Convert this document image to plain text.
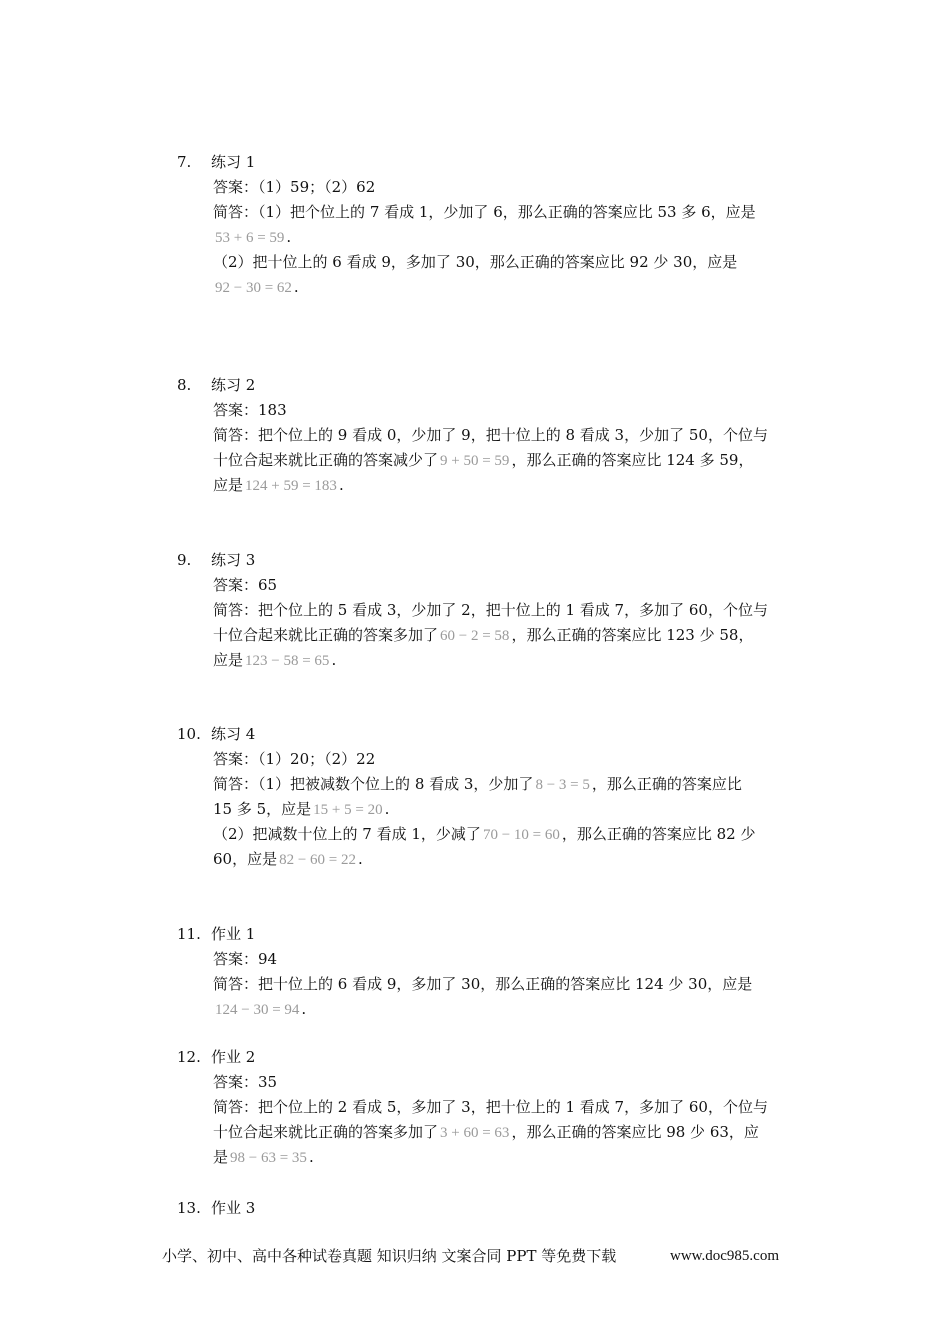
7.	练习 1
答案：（1）59；（2）62
简答：（1）把个位上的 7 看成 1，少加了 6，那么正确的答案应比 53 多 6，应是
53 + 6 = 59 .
（2）把十位上的 6 看成 9，多加了 30，那么正确的答案应比 92 少 30，应是
92 − 30 = 62 .
8.	练习 2
答案：183
简答：把个位上的 9 看成 0，少加了 9，把十位上的 8 看成 3，少加了 50，个位与
十位合起来就比正确的答案减少了 9 + 50 = 59 ，那么正确的答案应比 124 多 59，
应是 124 + 59 = 183 .
9.	练习 3
答案：65
简答：把个位上的 5 看成 3，少加了 2，把十位上的 1 看成 7，多加了 60，个位与
十位合起来就比正确的答案多加了 60 − 2 = 58 ，那么正确的答案应比 123 少 58，
应是 123 − 58 = 65 .
10. 练习 4
答案：（1）20；（2）22
简答：（1）把被减数个位上的 8 看成 3，少加了 8 − 3 = 5 ，那么正确的答案应比
15 多 5，应是 15 + 5 = 20 .
（2）把减数十位上的 7 看成 1，少减了 70 − 10 = 60 ，那么正确的答案应比 82 少
60，应是 82 − 60 = 22 .
11. 作业 1
答案：94
简答：把十位上的 6 看成 9，多加了 30，那么正确的答案应比 124 少 30，应是
124 − 30 = 94 .
12. 作业 2
答案：35
简答：把个位上的 2 看成 5，多加了 3，把十位上的 1 看成 7，多加了 60，个位与
十位合起来就比正确的答案多加了 3 + 60 = 63 ，那么正确的答案应比 98 少 63，应
是 98 − 63 = 35 .
13. 作业 3
小学、初中、高中各种试卷真题 知识归纳 文案合同 PPT 等免费下载	www.doc985.com
